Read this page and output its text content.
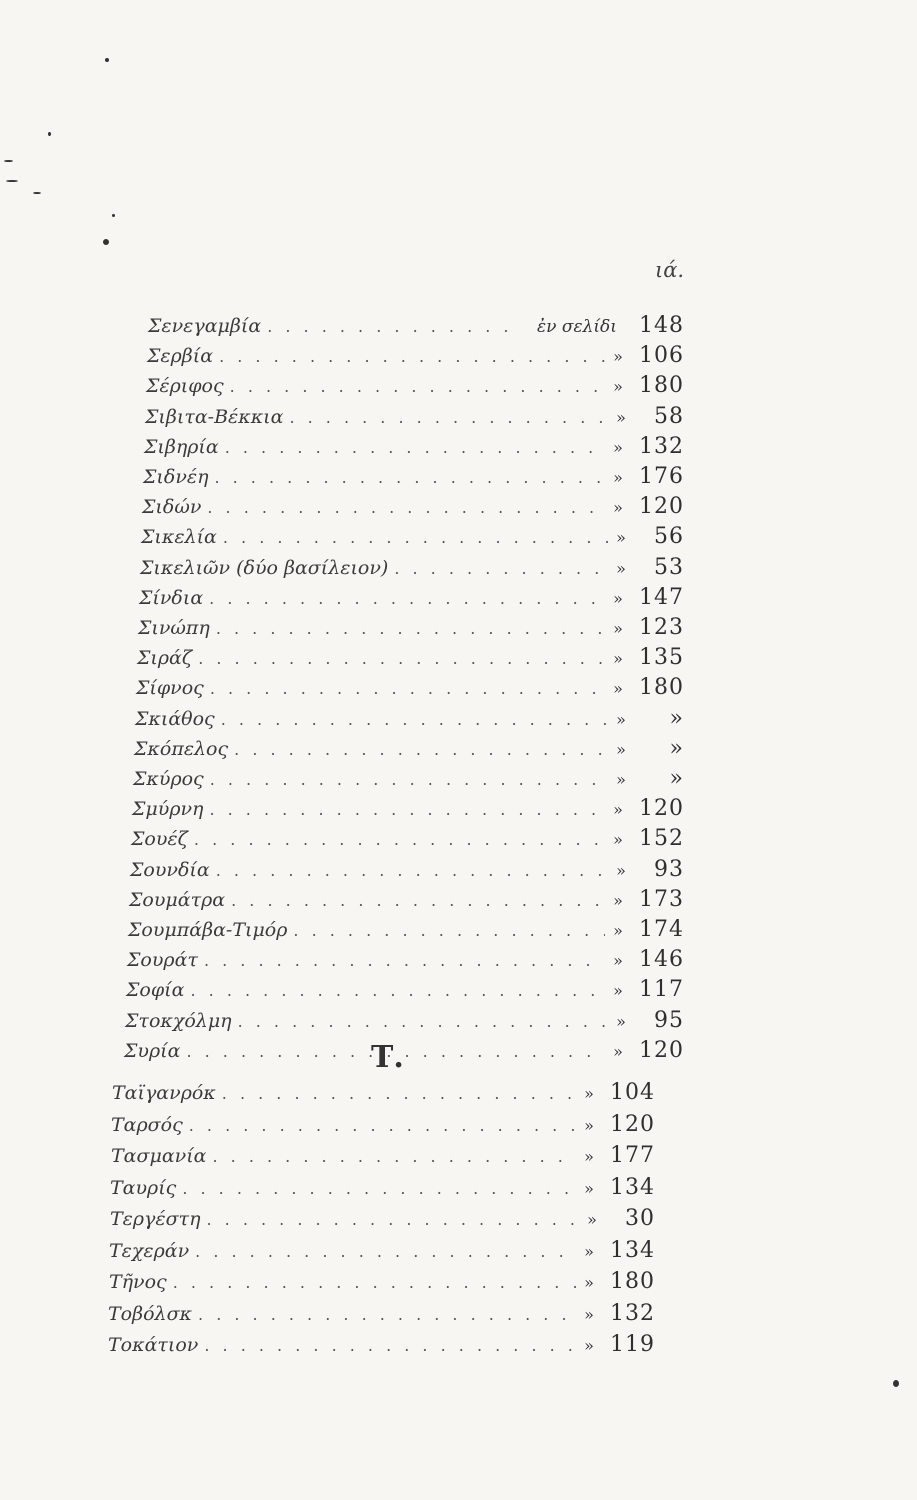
ιά.
Σενεγαμβία . . .	ἐν σελίδι	148
Σερβία . . .	» 106
Σέριφος . . .	» 180
Σιβιτα-Βέκκια . . .	»	58
Σιβηρία . . .	» 132
Σιδνέη . . .	» 176
Σιδών . . .	» 120
Σικελία . . .	»	56
Σικελιῶν (δύο βασίλειον) . . .	»	53
Σίνδια . . .	» 147
Σινώπη . . .	» 123
Σιράζ . . .	» 135
Σίφνος . . .	» 180
Σκιάθος . . .	»	»
Σκόπελος . . .	»	»
Σκύρος . . .	»	»
Σμύρνη . . .	» 120
Σουέζ . . .	» 152
Σουνδία . . .	»	93
Σουμάτρα . . .	» 173
Σουμπάβα-Τιμόρ . . .	» 174
Σουράτ . . .	» 146
Σοφία . . .	» 117
Στοκχόλμη . . .	»	95
Συρία . . .	» 120
Ταϊγανρόκ . . .	» 104
Ταρσός . . .	» 120
Τασμανία . . .	» 177
Ταυρίς . . .	» 134
Τεργέστη . . .	»	30
Τεχεράν . . .	» 134
Τῆνος . . .	» 180
Τοβόλσκ . . .	» 132
Τοκάτιον . . .	» 119
Τ.
